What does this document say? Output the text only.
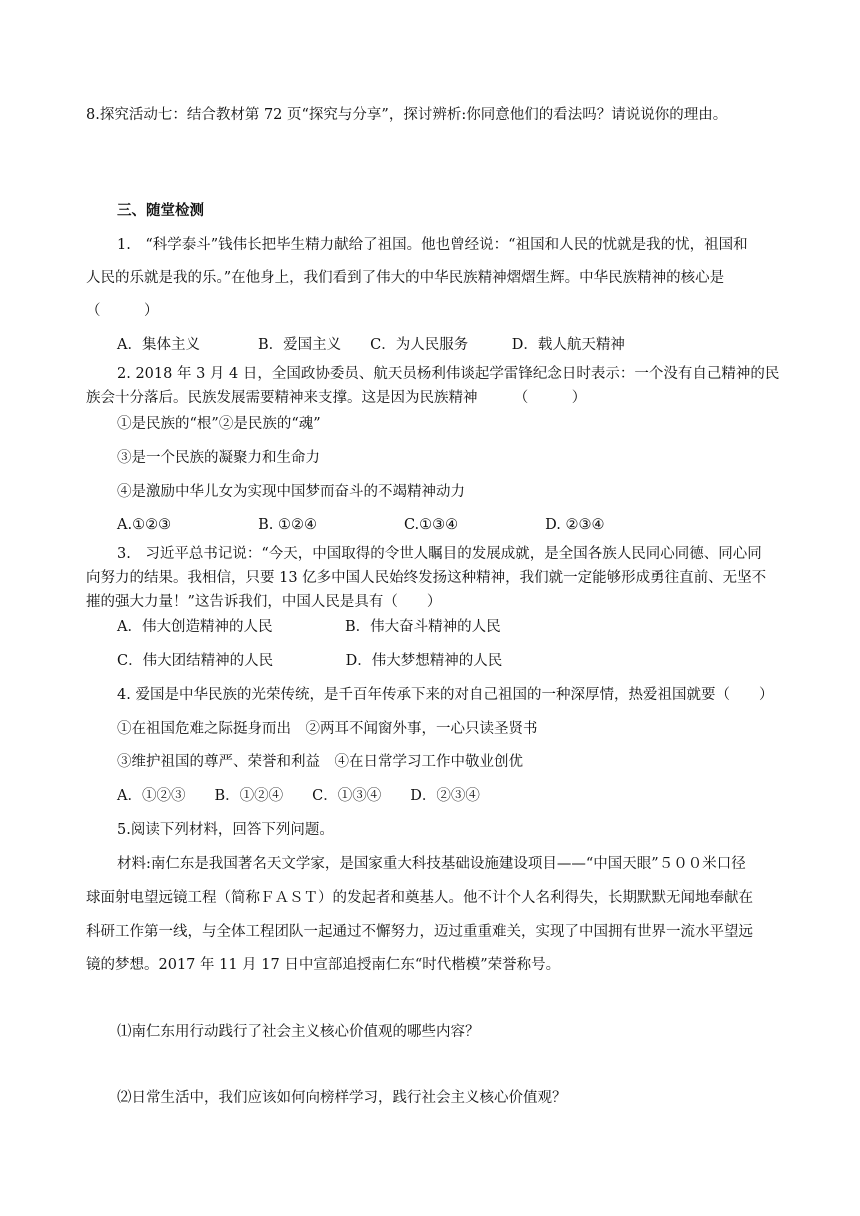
8.探究活动七：结合教材第 72 页“探究与分享”，探讨辨析:你同意他们的看法吗？请说说你的理由。
三、随堂检测
1.　“科学泰斗”钱伟长把毕生精力献给了祖国。他也曾经说：“祖国和人民的忧就是我的忧，祖国和
人民的乐就是我的乐。”在他身上，我们看到了伟大的中华民族精神熠熠生辉。中华民族精神的核心是
（　　　）
A．集体主义　　　　B．爱国主义　　C．为人民服务　　　D．载人航天精神
2. 2018 年 3 月 4 日，全国政协委员、航天员杨利伟谈起学雷锋纪念日时表示：一个没有自己精神的民
族会十分落后。民族发展需要精神来支撑。这是因为民族精神　　　（　　　）
①是民族的“根”②是民族的“魂”
③是一个民族的凝聚力和生命力
④是激励中华儿女为实现中国梦而奋斗的不竭精神动力
A.①②③　　　　　　B. ①②④　　　　　　C.①③④　　　　　　D. ②③④
3.　习近平总书记说：“今天，中国取得的令世人瞩目的发展成就，是全国各族人民同心同德、同心同
向努力的结果。我相信，只要 13 亿多中国人民始终发扬这种精神，我们就一定能够形成勇往直前、无坚不
摧的强大力量！”这告诉我们，中国人民是具有（　　）
A．伟大创造精神的人民　　　　　B．伟大奋斗精神的人民
C．伟大团结精神的人民　　　　　D．伟大梦想精神的人民
4. 爱国是中华民族的光荣传统，是千百年传承下来的对自己祖国的一种深厚情，热爱祖国就要（　　）
①在祖国危难之际挺身而出　②两耳不闻窗外事，一心只读圣贤书
③维护祖国的尊严、荣誉和利益　④在日常学习工作中敬业创优
A．①②③　　B．①②④　　C．①③④　　D．②③④
5.阅读下列材料，回答下列问题。
材料:南仁东是我国著名天文学家，是国家重大科技基础设施建设项目——“中国天眼”５００米口径
球面射电望远镜工程（简称ＦＡＳＴ）的发起者和奠基人。他不计个人名利得失，长期默默无闻地奉献在
科研工作第一线，与全体工程团队一起通过不懈努力，迈过重重难关，实现了中国拥有世界一流水平望远
镜的梦想。2017 年 11 月 17 日中宣部追授南仁东“时代楷模”荣誉称号。
⑴南仁东用行动践行了社会主义核心价值观的哪些内容？
⑵日常生活中，我们应该如何向榜样学习，践行社会主义核心价值观？
